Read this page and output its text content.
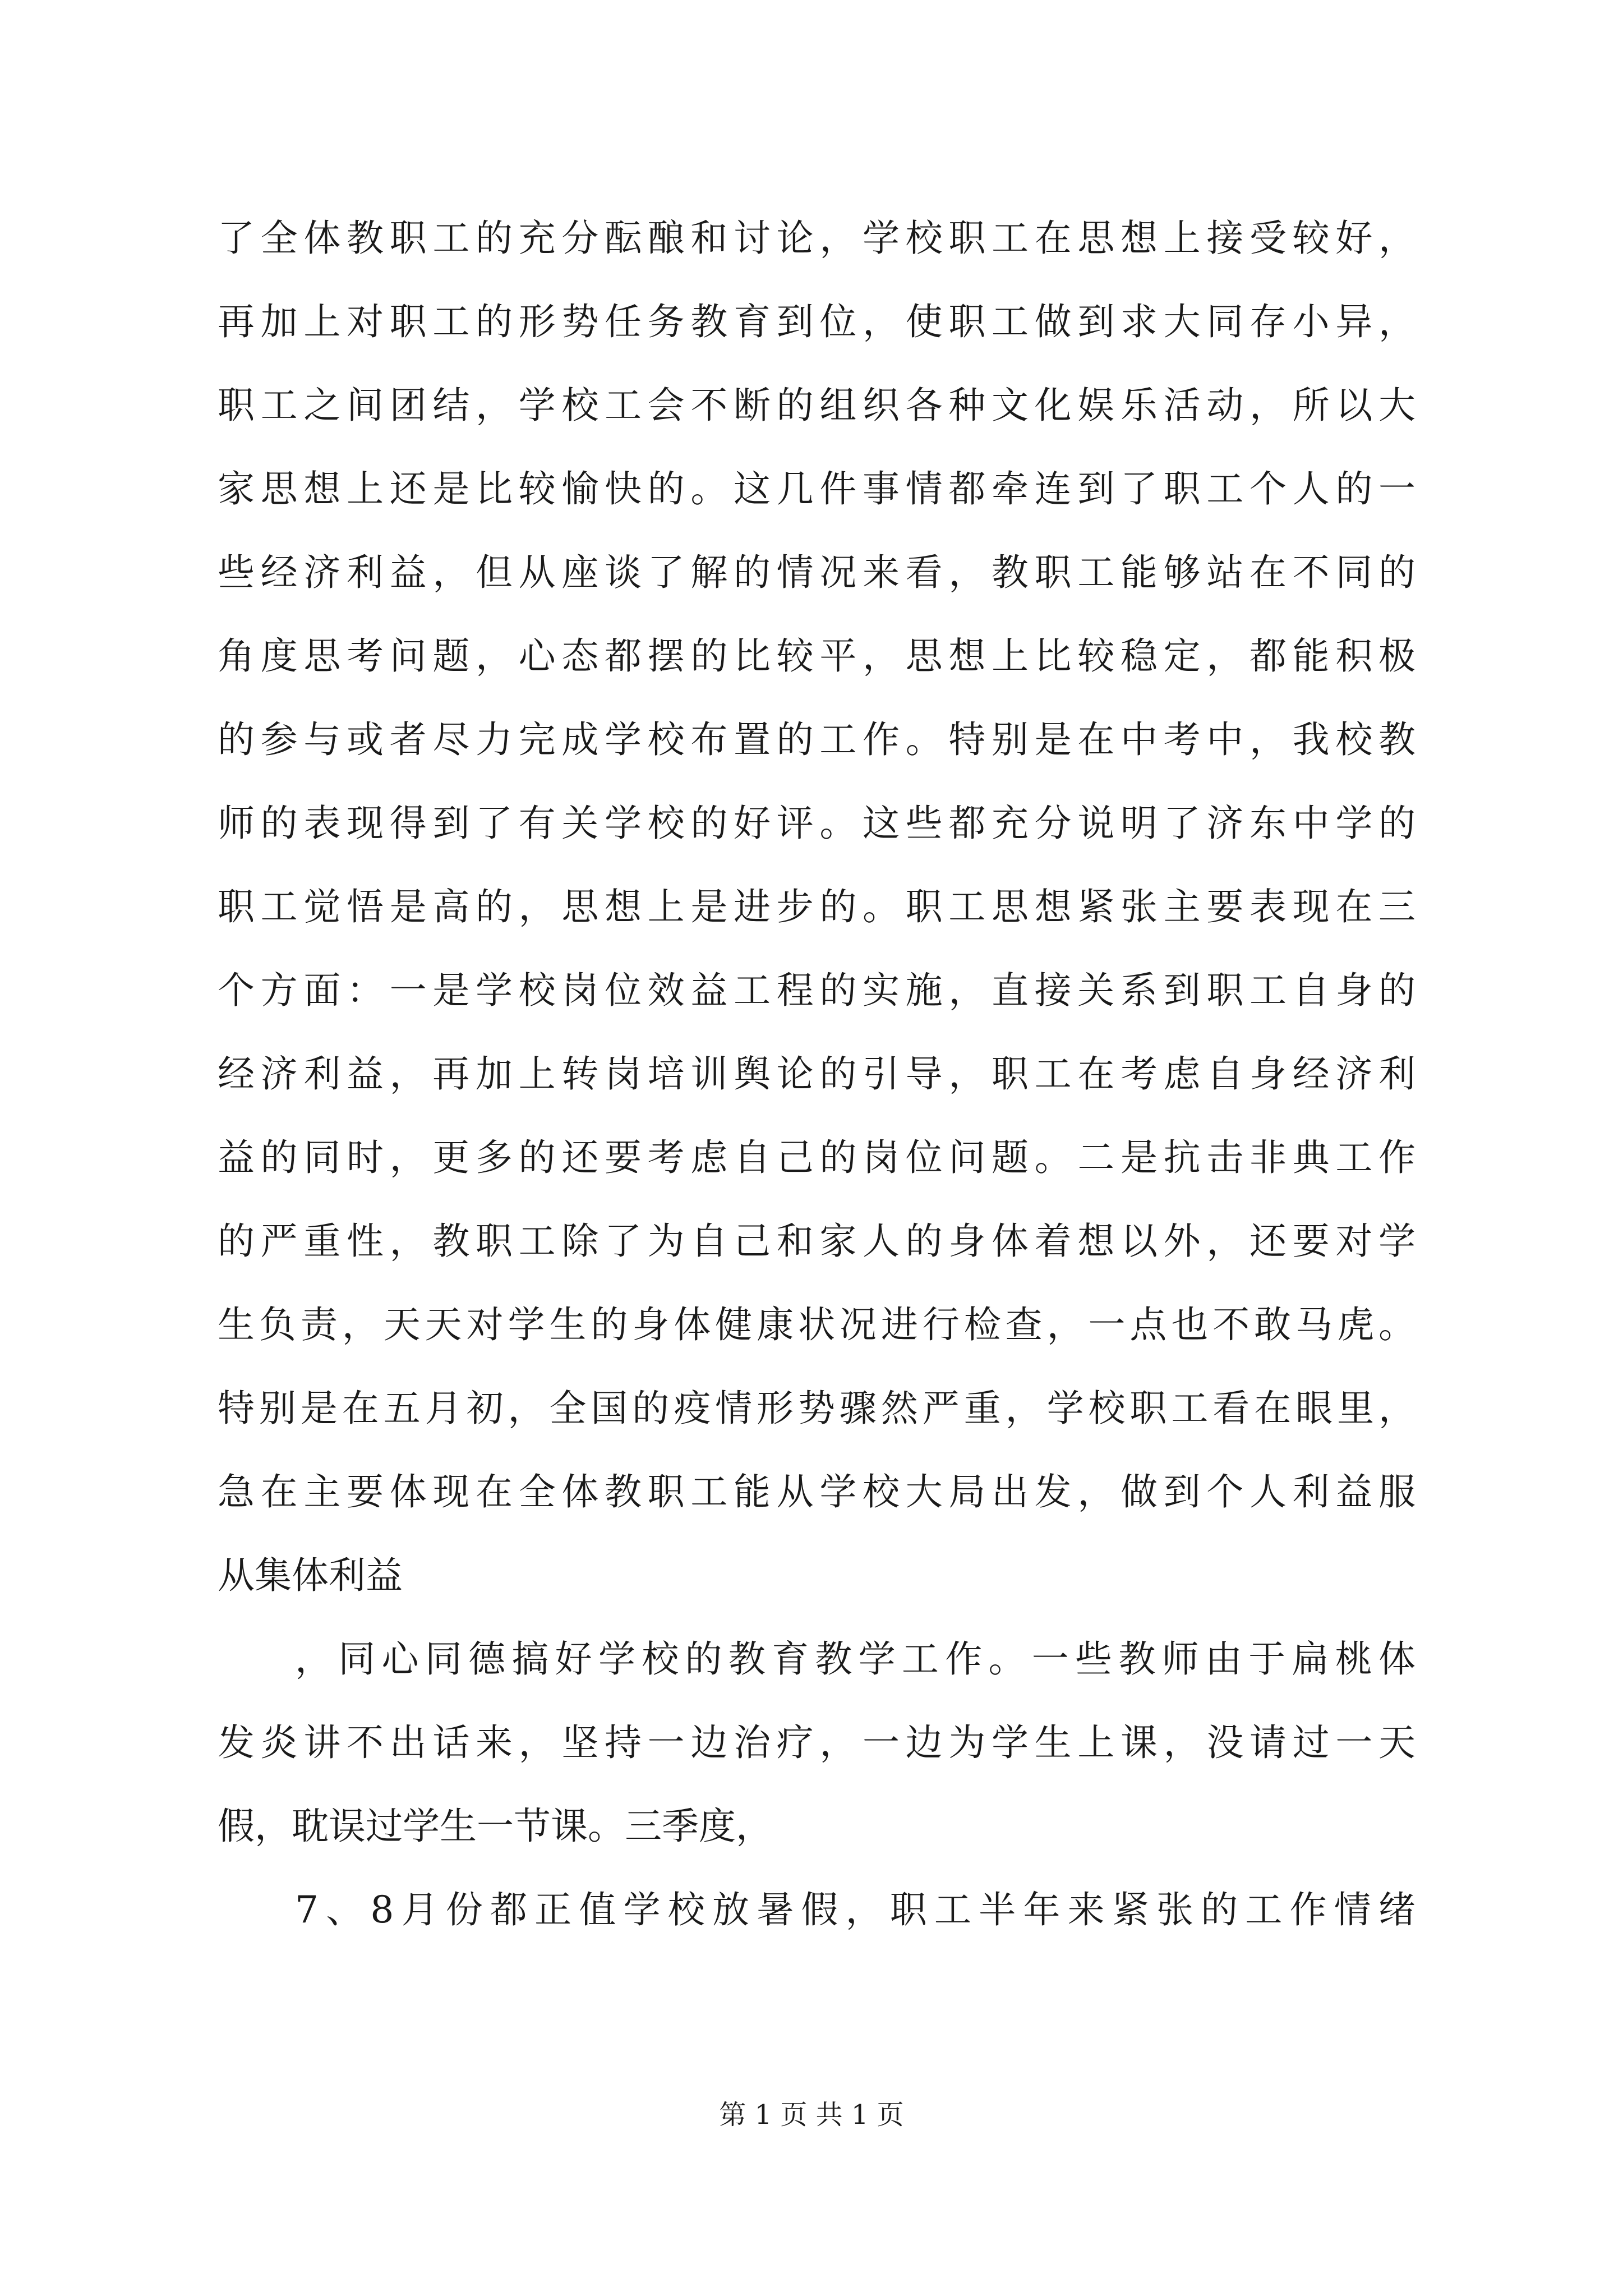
了全体教职工的充分酝酿和讨论，学校职工在思想上接受较好，
再加上对职工的形势任务教育到位，使职工做到求大同存小异，
职工之间团结，学校工会不断的组织各种文化娱乐活动，所以大
家思想上还是比较愉快的。这几件事情都牵连到了职工个人的一
些经济利益，但从座谈了解的情况来看，教职工能够站在不同的
角度思考问题，心态都摆的比较平，思想上比较稳定，都能积极
的参与或者尽力完成学校布置的工作。特别是在中考中，我校教
师的表现得到了有关学校的好评。这些都充分说明了济东中学的
职工觉悟是高的，思想上是进步的。职工思想紧张主要表现在三
个方面：一是学校岗位效益工程的实施，直接关系到职工自身的
经济利益，再加上转岗培训舆论的引导，职工在考虑自身经济利
益的同时，更多的还要考虑自己的岗位问题。二是抗击非典工作
的严重性，教职工除了为自己和家人的身体着想以外，还要对学
生负责，天天对学生的身体健康状况进行检查，一点也不敢马虎。
特别是在五月初，全国的疫情形势骤然严重，学校职工看在眼里，
急在主要体现在全体教职工能从学校大局出发，做到个人利益服
从集体利益
，同心同德搞好学校的教育教学工作。一些教师由于扁桃体
发炎讲不出话来，坚持一边治疗，一边为学生上课，没请过一天
假，耽误过学生一节课。三季度，
7、8月份都正值学校放暑假，职工半年来紧张的工作情绪
第 1 页 共 1 页
